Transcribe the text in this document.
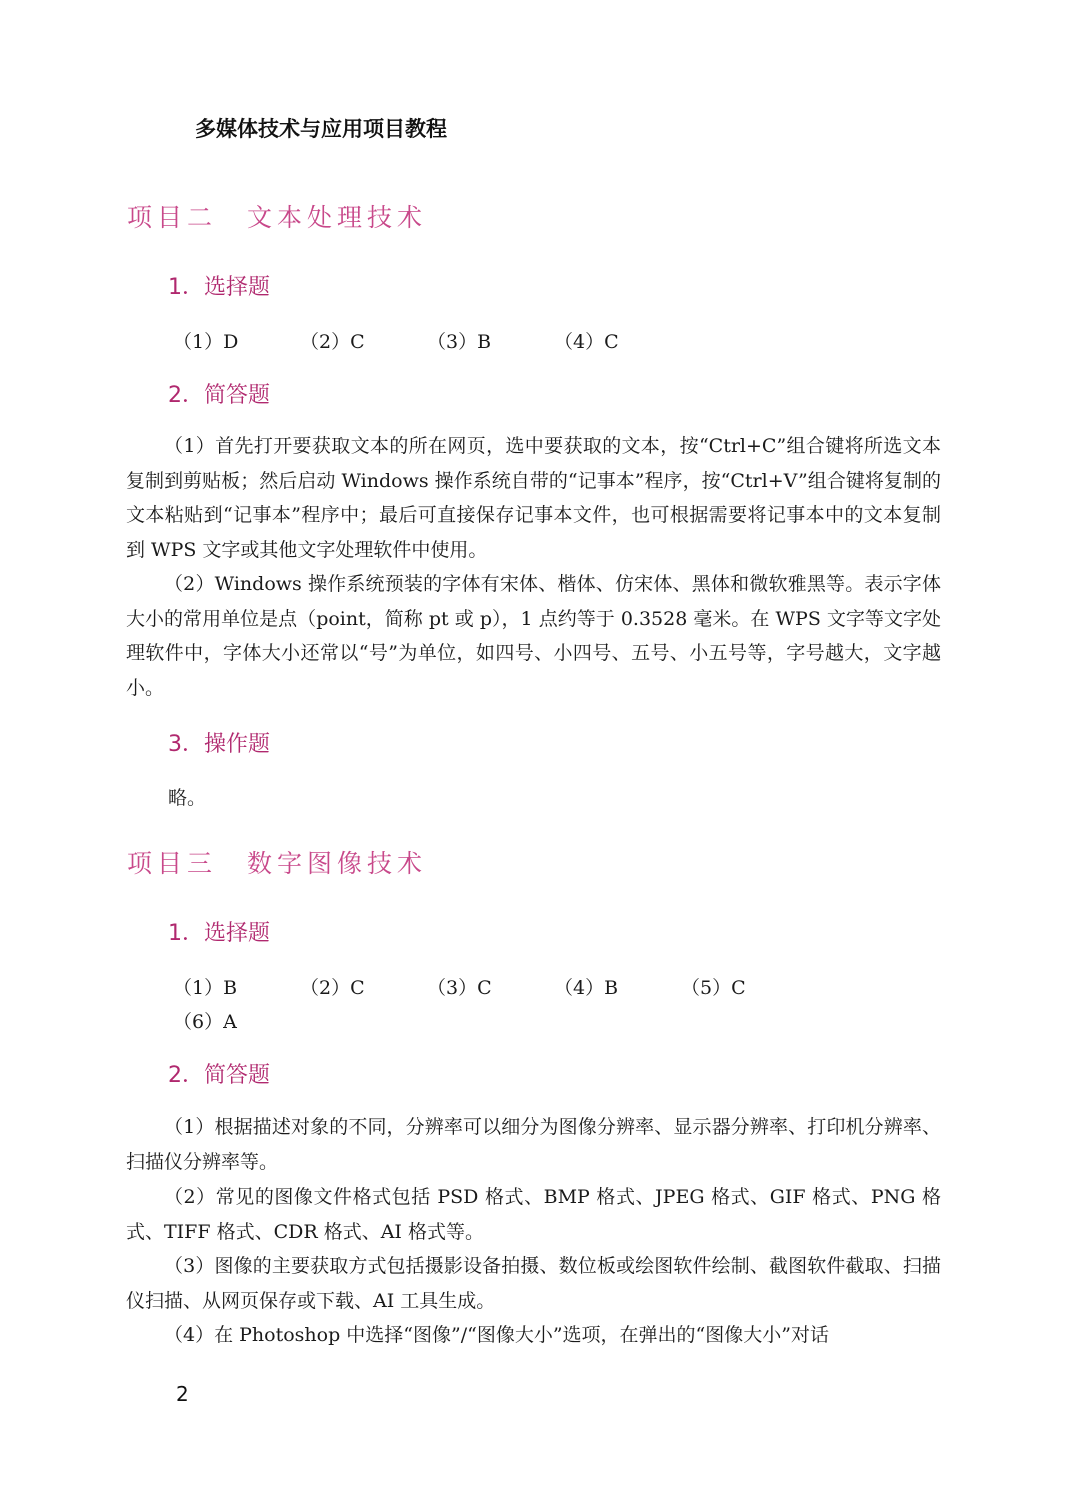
多媒体技术与应用项目教程
项目二　文本处理技术
1．选择题
（1）D	（2）C	（3）B	（4）C
2．简答题
（1）首先打开要获取文本的所在网页，选中要获取的文本，按“Ctrl+C”组合键将所选文本复制到剪贴板；然后启动 Windows 操作系统自带的“记事本”程序，按“Ctrl+V”组合键将复制的文本粘贴到“记事本”程序中；最后可直接保存记事本文件，也可根据需要将记事本中的文本复制到 WPS 文字或其他文字处理软件中使用。
（2）Windows 操作系统预装的字体有宋体、楷体、仿宋体、黑体和微软雅黑等。表示字体大小的常用单位是点（point，简称 pt 或 p），1 点约等于 0.3528 毫米。在 WPS 文字等文字处理软件中，字体大小还常以“号”为单位，如四号、小四号、五号、小五号等，字号越大，文字越小。
3．操作题
略。
项目三　数字图像技术
1．选择题
（1）B	（2）C	（3）C	（4）B	（5）C
（6）A
2．简答题
（1）根据描述对象的不同，分辨率可以细分为图像分辨率、显示器分辨率、打印机分辨率、扫描仪分辨率等。
（2）常见的图像文件格式包括 PSD 格式、BMP 格式、JPEG 格式、GIF 格式、PNG 格式、TIFF 格式、CDR 格式、AI 格式等。
（3）图像的主要获取方式包括摄影设备拍摄、数位板或绘图软件绘制、截图软件截取、扫描仪扫描、从网页保存或下载、AI 工具生成。
（4）在 Photoshop 中选择“图像”/“图像大小”选项，在弹出的“图像大小”对话
2
